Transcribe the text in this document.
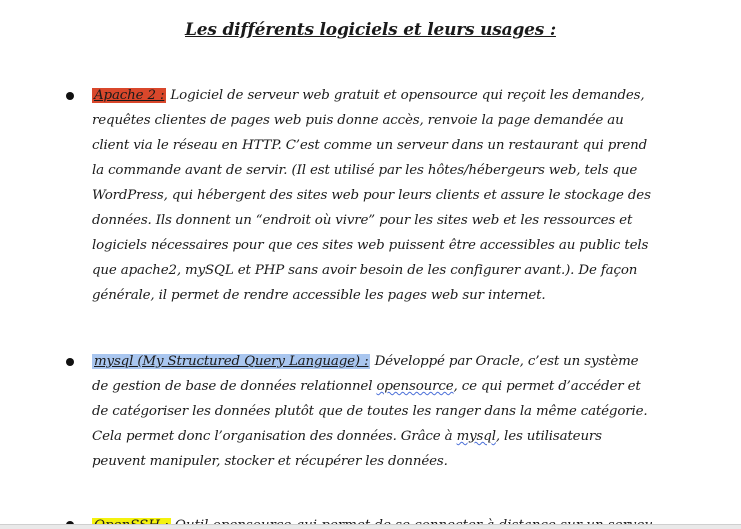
Les différents logiciels et leurs usages :
Apache 2 : Logiciel de serveur web gratuit et opensource qui reçoit les demandes, requêtes clientes de pages web puis donne accès, renvoie la page demandée au client via le réseau en HTTP. C’est comme un serveur dans un restaurant qui prend la commande avant de servir. (Il est utilisé par les hôtes/hébergeurs web, tels que WordPress, qui hébergent des sites web pour leurs clients et assure le stockage des données. Ils donnent un “endroit où vivre” pour les sites web et les ressources et logiciels nécessaires pour que ces sites web puissent être accessibles au public tels que apache2, mySQL et PHP sans avoir besoin de les configurer avant.). De façon générale, il permet de rendre accessible les pages web sur internet.
mysql (My Structured Query Language) : Développé par Oracle, c’est un système de gestion de base de données relationnel opensource, ce qui permet d’accéder et de catégoriser les données plutôt que de toutes les ranger dans la même catégorie. Cela permet donc l’organisation des données. Grâce à mysql, les utilisateurs peuvent manipuler, stocker et récupérer les données.
